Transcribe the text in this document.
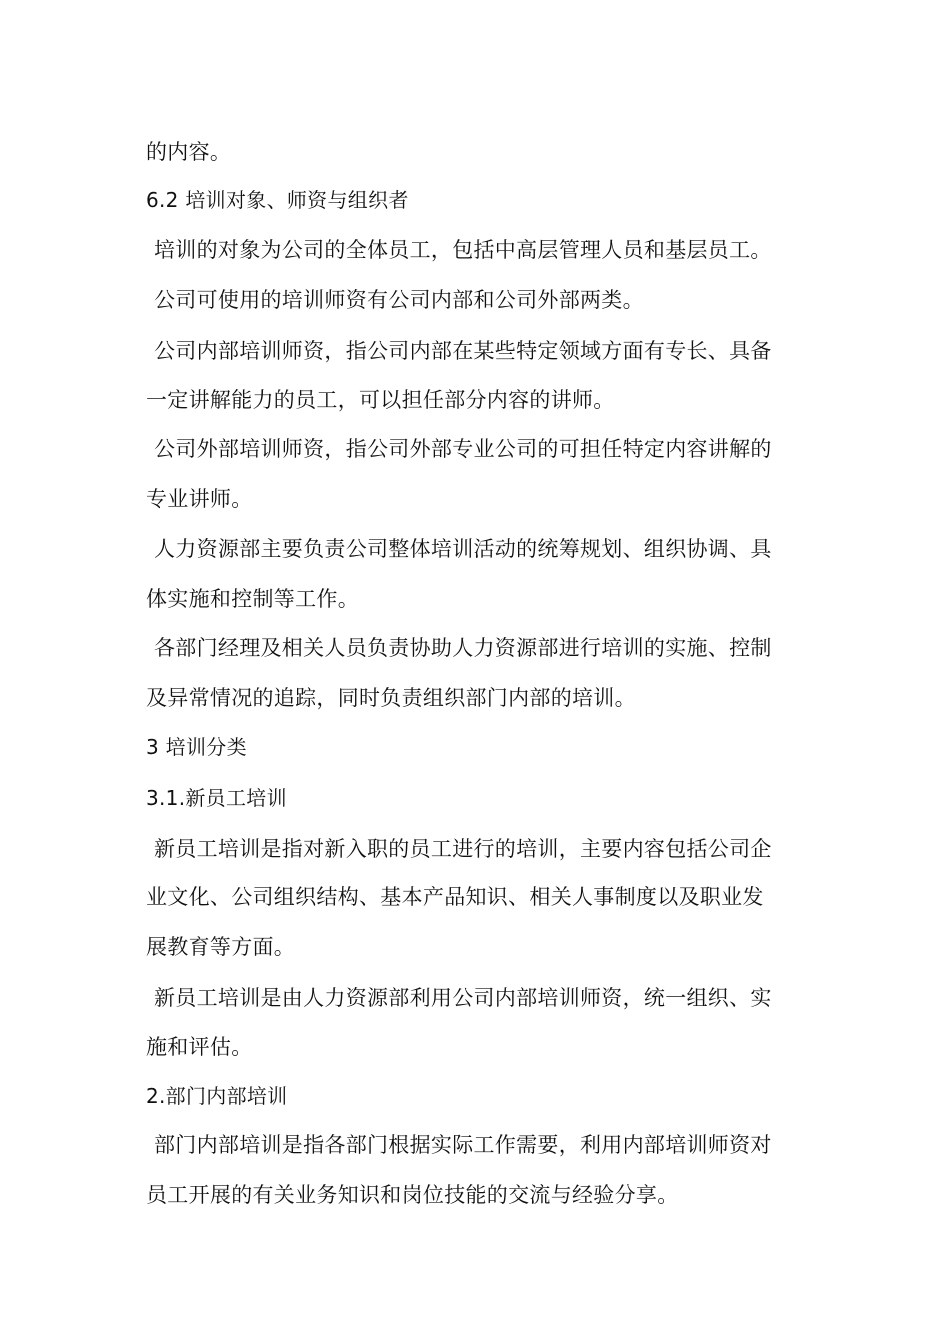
的内容。
6.2 培训对象、师资与组织者
培训的对象为公司的全体员工，包括中高层管理人员和基层员工。
公司可使用的培训师资有公司内部和公司外部两类。
公司内部培训师资，指公司内部在某些特定领域方面有专长、具备
一定讲解能力的员工，可以担任部分内容的讲师。
公司外部培训师资，指公司外部专业公司的可担任特定内容讲解的
专业讲师。
人力资源部主要负责公司整体培训活动的统筹规划、组织协调、具
体实施和控制等工作。
各部门经理及相关人员负责协助人力资源部进行培训的实施、控制
及异常情况的追踪，同时负责组织部门内部的培训。
3 培训分类
3.1.新员工培训
新员工培训是指对新入职的员工进行的培训，主要内容包括公司企
业文化、公司组织结构、基本产品知识、相关人事制度以及职业发
展教育等方面。
新员工培训是由人力资源部利用公司内部培训师资，统一组织、实
施和评估。
2.部门内部培训
部门内部培训是指各部门根据实际工作需要，利用内部培训师资对
员工开展的有关业务知识和岗位技能的交流与经验分享。
